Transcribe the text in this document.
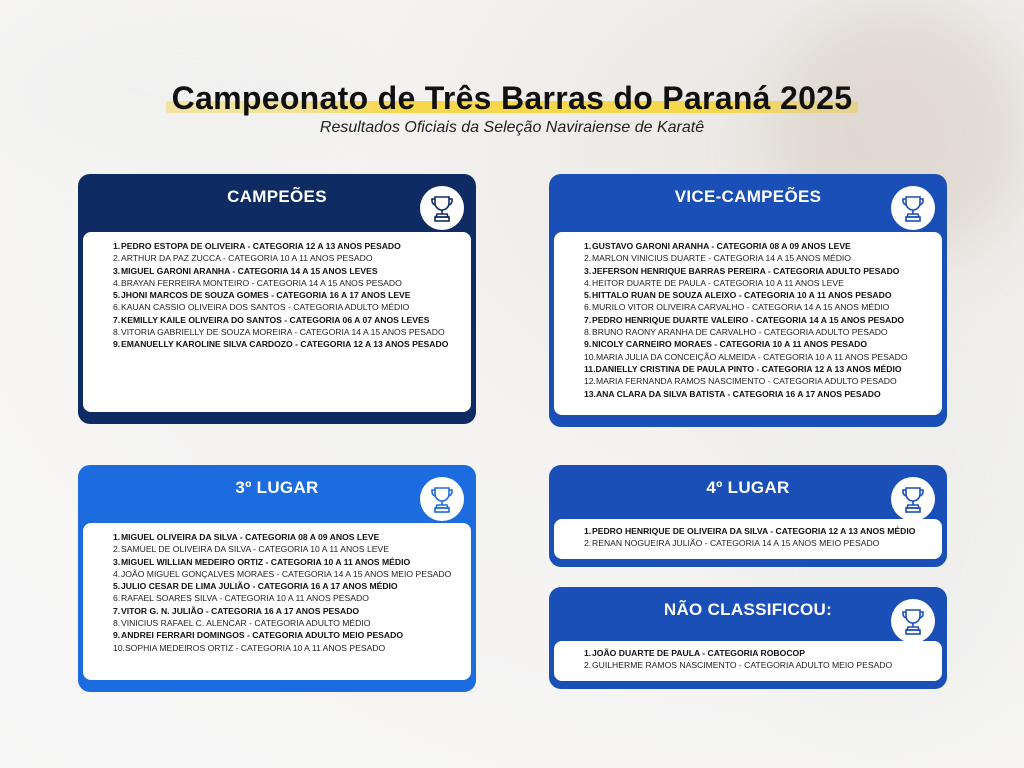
Campeonato de Três Barras do Paraná 2025
Resultados Oficiais da Seleção Naviraiense de Karatê
CAMPEÕES
1.PEDRO ESTOPA DE OLIVEIRA - CATEGORIA 12 A 13 ANOS PESADO
2.ARTHUR DA PAZ ZUCCA - CATEGORIA 10 A 11 ANOS PESADO
3.MIGUEL GARONI ARANHA - CATEGORIA 14 A 15 ANOS LEVES
4.BRAYAN FERREIRA MONTEIRO - CATEGORIA 14 A 15 ANOS PESADO
5.JHONI MARCOS DE SOUZA GOMES - CATEGORIA 16 A 17 ANOS LEVE
6.KAUAN CASSIO OLIVEIRA DOS SANTOS - CATEGORIA ADULTO MÉDIO
7.KEMILLY KAILE OLIVEIRA DO SANTOS - CATEGORIA 06 A 07 ANOS LEVES
8.VITORIA GABRIELLY DE SOUZA MOREIRA - CATEGORIA 14 A 15 ANOS PESADO
9.EMANUELLY KAROLINE SILVA CARDOZO - CATEGORIA 12 A 13 ANOS PESADO
VICE-CAMPEÕES
1.GUSTAVO GARONI ARANHA - CATEGORIA 08 A 09 ANOS LEVE
2.MARLON VINICIUS DUARTE - CATEGORIA 14 A 15 ANOS MÉDIO
3.JEFERSON HENRIQUE BARRAS PEREIRA - CATEGORIA ADULTO PESADO
4.HEITOR DUARTE DE PAULA - CATEGORIA 10 A 11 ANOS LEVE
5.HITTALO RUAN DE SOUZA ALEIXO - CATEGORIA 10 A 11 ANOS PESADO
6.MURILO VITOR OLIVEIRA CARVALHO - CATEGORIA 14 A 15 ANOS MÉDIO
7.PEDRO HENRIQUE DUARTE VALEIRO - CATEGORIA 14 A 15 ANOS PESADO
8.BRUNO RAONY ARANHA DE CARVALHO - CATEGORIA ADULTO PESADO
9.NICOLY CARNEIRO MORAES - CATEGORIA 10 A 11 ANOS PESADO
10.MARIA JULIA DA CONCEIÇÃO ALMEIDA - CATEGORIA 10 A 11 ANOS PESADO
11.DANIELLY CRISTINA DE PAULA PINTO - CATEGORIA 12 A 13 ANOS MÉDIO
12.MARIA FERNANDA RAMOS NASCIMENTO - CATEGORIA ADULTO PESADO
13.ANA CLARA DA SILVA BATISTA - CATEGORIA 16 A 17 ANOS PESADO
3º LUGAR
1.MIGUEL OLIVEIRA DA SILVA - CATEGORIA 08 A 09 ANOS LEVE
2.SAMUEL DE OLIVEIRA DA SILVA - CATEGORIA 10 A 11 ANOS LEVE
3.MIGUEL WILLIAN MEDEIRO ORTIZ - CATEGORIA 10 A 11 ANOS MÉDIO
4.JOÃO MIGUEL GONÇALVES MORAES - CATEGORIA 14 A 15 ANOS MEIO PESADO
5.JULIO CESAR DE LIMA JULIÃO - CATEGORIA 16 A 17 ANOS MÉDIO
6.RAFAEL SOARES SILVA - CATEGORIA 10 A 11 ANOS PESADO
7.VITOR G. N. JULIÃO - CATEGORIA 16 A 17 ANOS PESADO
8.VINICIUS RAFAEL C. ALENCAR - CATEGORIA ADULTO MÉDIO
9.ANDREI FERRARI DOMINGOS - CATEGORIA ADULTO MEIO PESADO
10.SOPHIA MEDEIROS ORTIZ - CATEGORIA 10 A 11 ANOS PESADO
4º LUGAR
1.PEDRO HENRIQUE DE OLIVEIRA DA SILVA - CATEGORIA 12 A 13 ANOS MÉDIO
2.RENAN NOGUEIRA JULIÃO - CATEGORIA 14 A 15 ANOS MEIO PESADO
NÃO CLASSIFICOU:
1.JOÃO DUARTE DE PAULA - CATEGORIA ROBOCOP
2.GUILHERME RAMOS NASCIMENTO - CATEGORIA ADULTO MEIO PESADO
